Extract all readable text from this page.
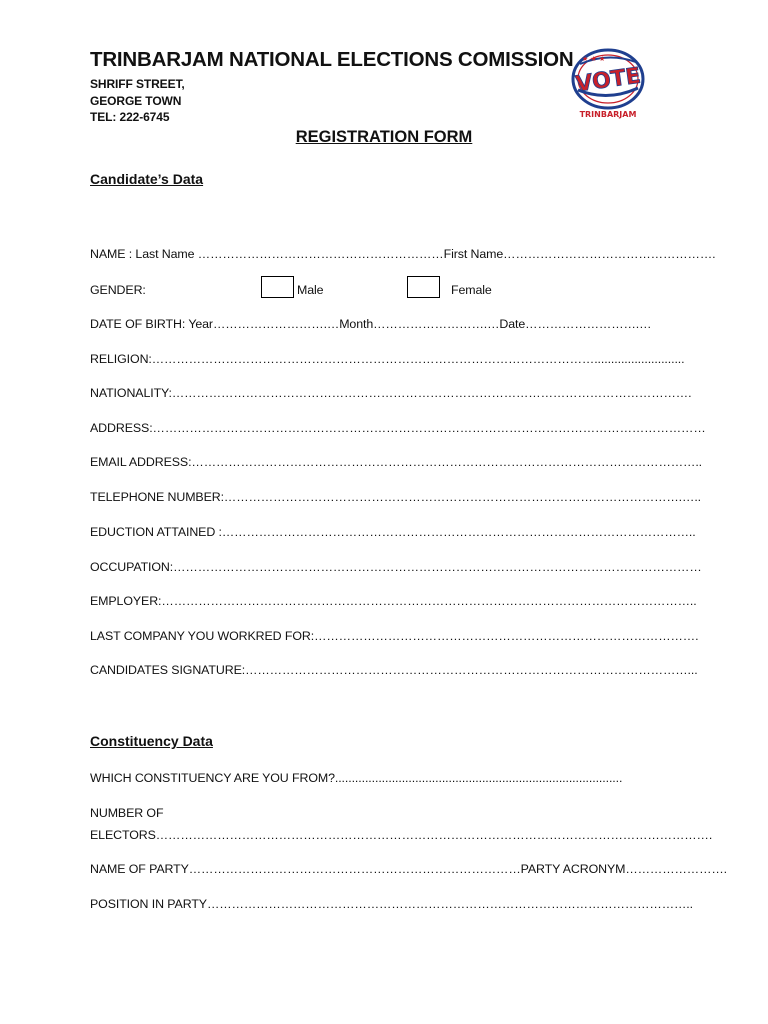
TRINBARJAM NATIONAL ELECTIONS COMISSION
SHRIFF STREET,
GEORGE TOWN
TEL: 222-6745
★ ★ ★
VOTE
TRINBARJAM
REGISTRATION FORM
Candidate’s Data
NAME : Last Name ……………………………………………………First Name…………………………………………….
GENDER:	Male	Female
DATE OF BIRTH: Year……………………….…Month……………………….…Date……………………….…
RELIGION:………………………………………………………………………………………………...........................
NATIONALITY:……………………………………………………………………………………………………………….
ADDRESS:………………………………………………………………………………………………………………………
EMAIL ADDRESS:……………………………………………………………………………………………………………..
TELEPHONE NUMBER:………………………………………………………………………………………………….…..
EDUCTION ATTAINED :……………………………………………………………………………………………………..
OCCUPATION:…………………………………………………………………………………………………………………
EMPLOYER:…………………………………………………………………………………………………………………..
LAST COMPANY YOU WORKRED FOR:………………………………………………………………………………….
CANDIDATES SIGNATURE:………………………………………………………………………………………………...
Constituency Data
WHICH CONSTITUENCY ARE YOU FROM?......................................................................................
NUMBER OF
ELECTORS……………………………………………………………………………………………………………………….
NAME OF PARTY………………………………………………………………………PARTY ACRONYM…………………….
POSITION IN PARTY………………………………………………………………………………………………………..
